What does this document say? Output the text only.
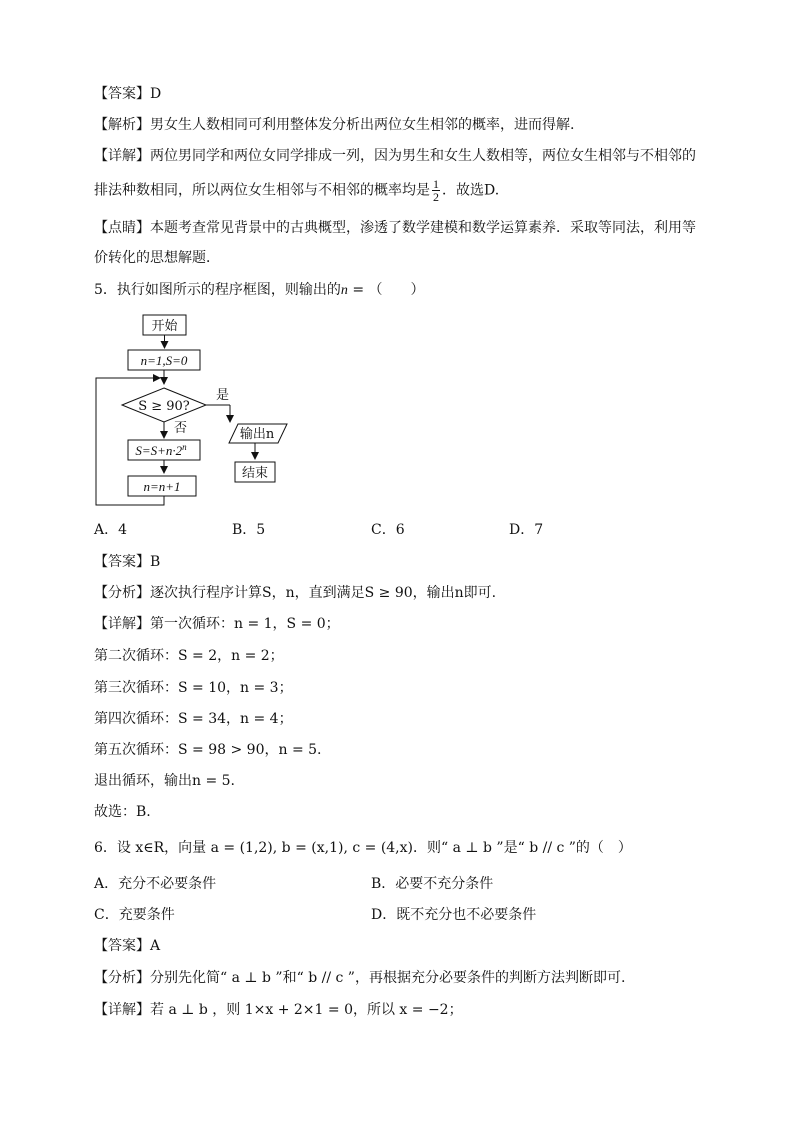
【答案】D
【解析】男女生人数相同可利用整体发分析出两位女生相邻的概率，进而得解.
【详解】两位男同学和两位女同学排成一列，因为男生和女生人数相等，两位女生相邻与不相邻的
排法种数相同，所以两位女生相邻与不相邻的概率均是 $\frac{1}{2}$ ．故选D.
【点睛】本题考查常见背景中的古典概型，渗透了数学建模和数学运算素养．采取等同法，利用等
价转化的思想解题．
5．执行如图所示的程序框图，则输出的n = （　　）
开始
n=1,S=0
S ≥ 90?
是
输出n
结束
否
$S=S+n\cdot 2^n$
n=n+1
A．4	B．5	C．6	D．7
【答案】B
【分析】逐次执行程序计算S，n，直到满足S ≥ 90，输出n即可.
【详解】第一次循环：n = 1，S = 0；
第二次循环：S = 2，n = 2；
第三次循环：S = 10，n = 3；
第四次循环：S = 34，n = 4；
第五次循环：S = 98 > 90，n = 5.
退出循环，输出n = 5.
故选：B.
6．设 x∈R，向量 a = (1,2), b = (x,1), c = (4,x)．则“ a ⊥ b ”是“ b // c ”的（　）
A．充分不必要条件	B．必要不充分条件
C．充要条件	D．既不充分也不必要条件
【答案】A
【分析】分别先化简“ a ⊥ b ”和“ b // c ”，再根据充分必要条件的判断方法判断即可.
【详解】若 a ⊥ b ，则 1×x + 2×1 = 0，所以 x = −2；
